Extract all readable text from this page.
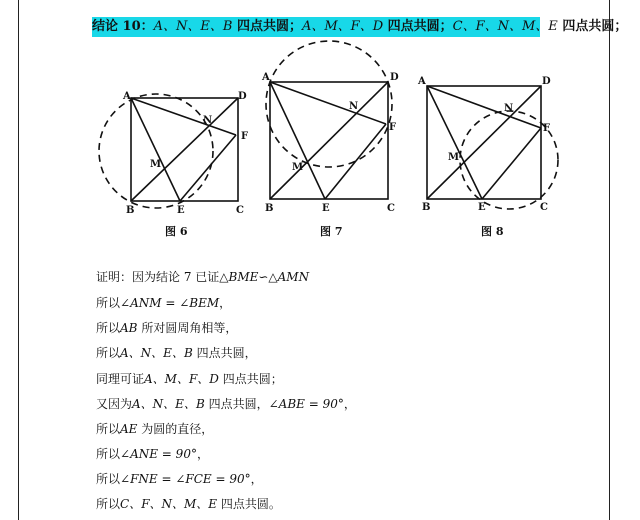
结论 10：A、N、E、B 四点共圆；A、M、F、D 四点共圆；C、F、N、M、E 四点共圆；
A
B	C
D
E
F
M
N
A
B	C
D
E
F
M
N
A
B	C
D
E
F
M
N
图 6	图 7	图 8
证明：因为结论 7 已证△BME∽△AMN
所以∠ANM = ∠BEM，
所以AB 所对圆周角相等，
所以A、N、E、B 四点共圆，
同理可证A、M、F、D 四点共圆；
又因为A、N、E、B 四点共圆，∠ABE = 90°，
所以AE 为圆的直径，
所以∠ANE = 90°，
所以∠FNE = ∠FCE = 90°，
所以C、F、N、M、E 四点共圆。
